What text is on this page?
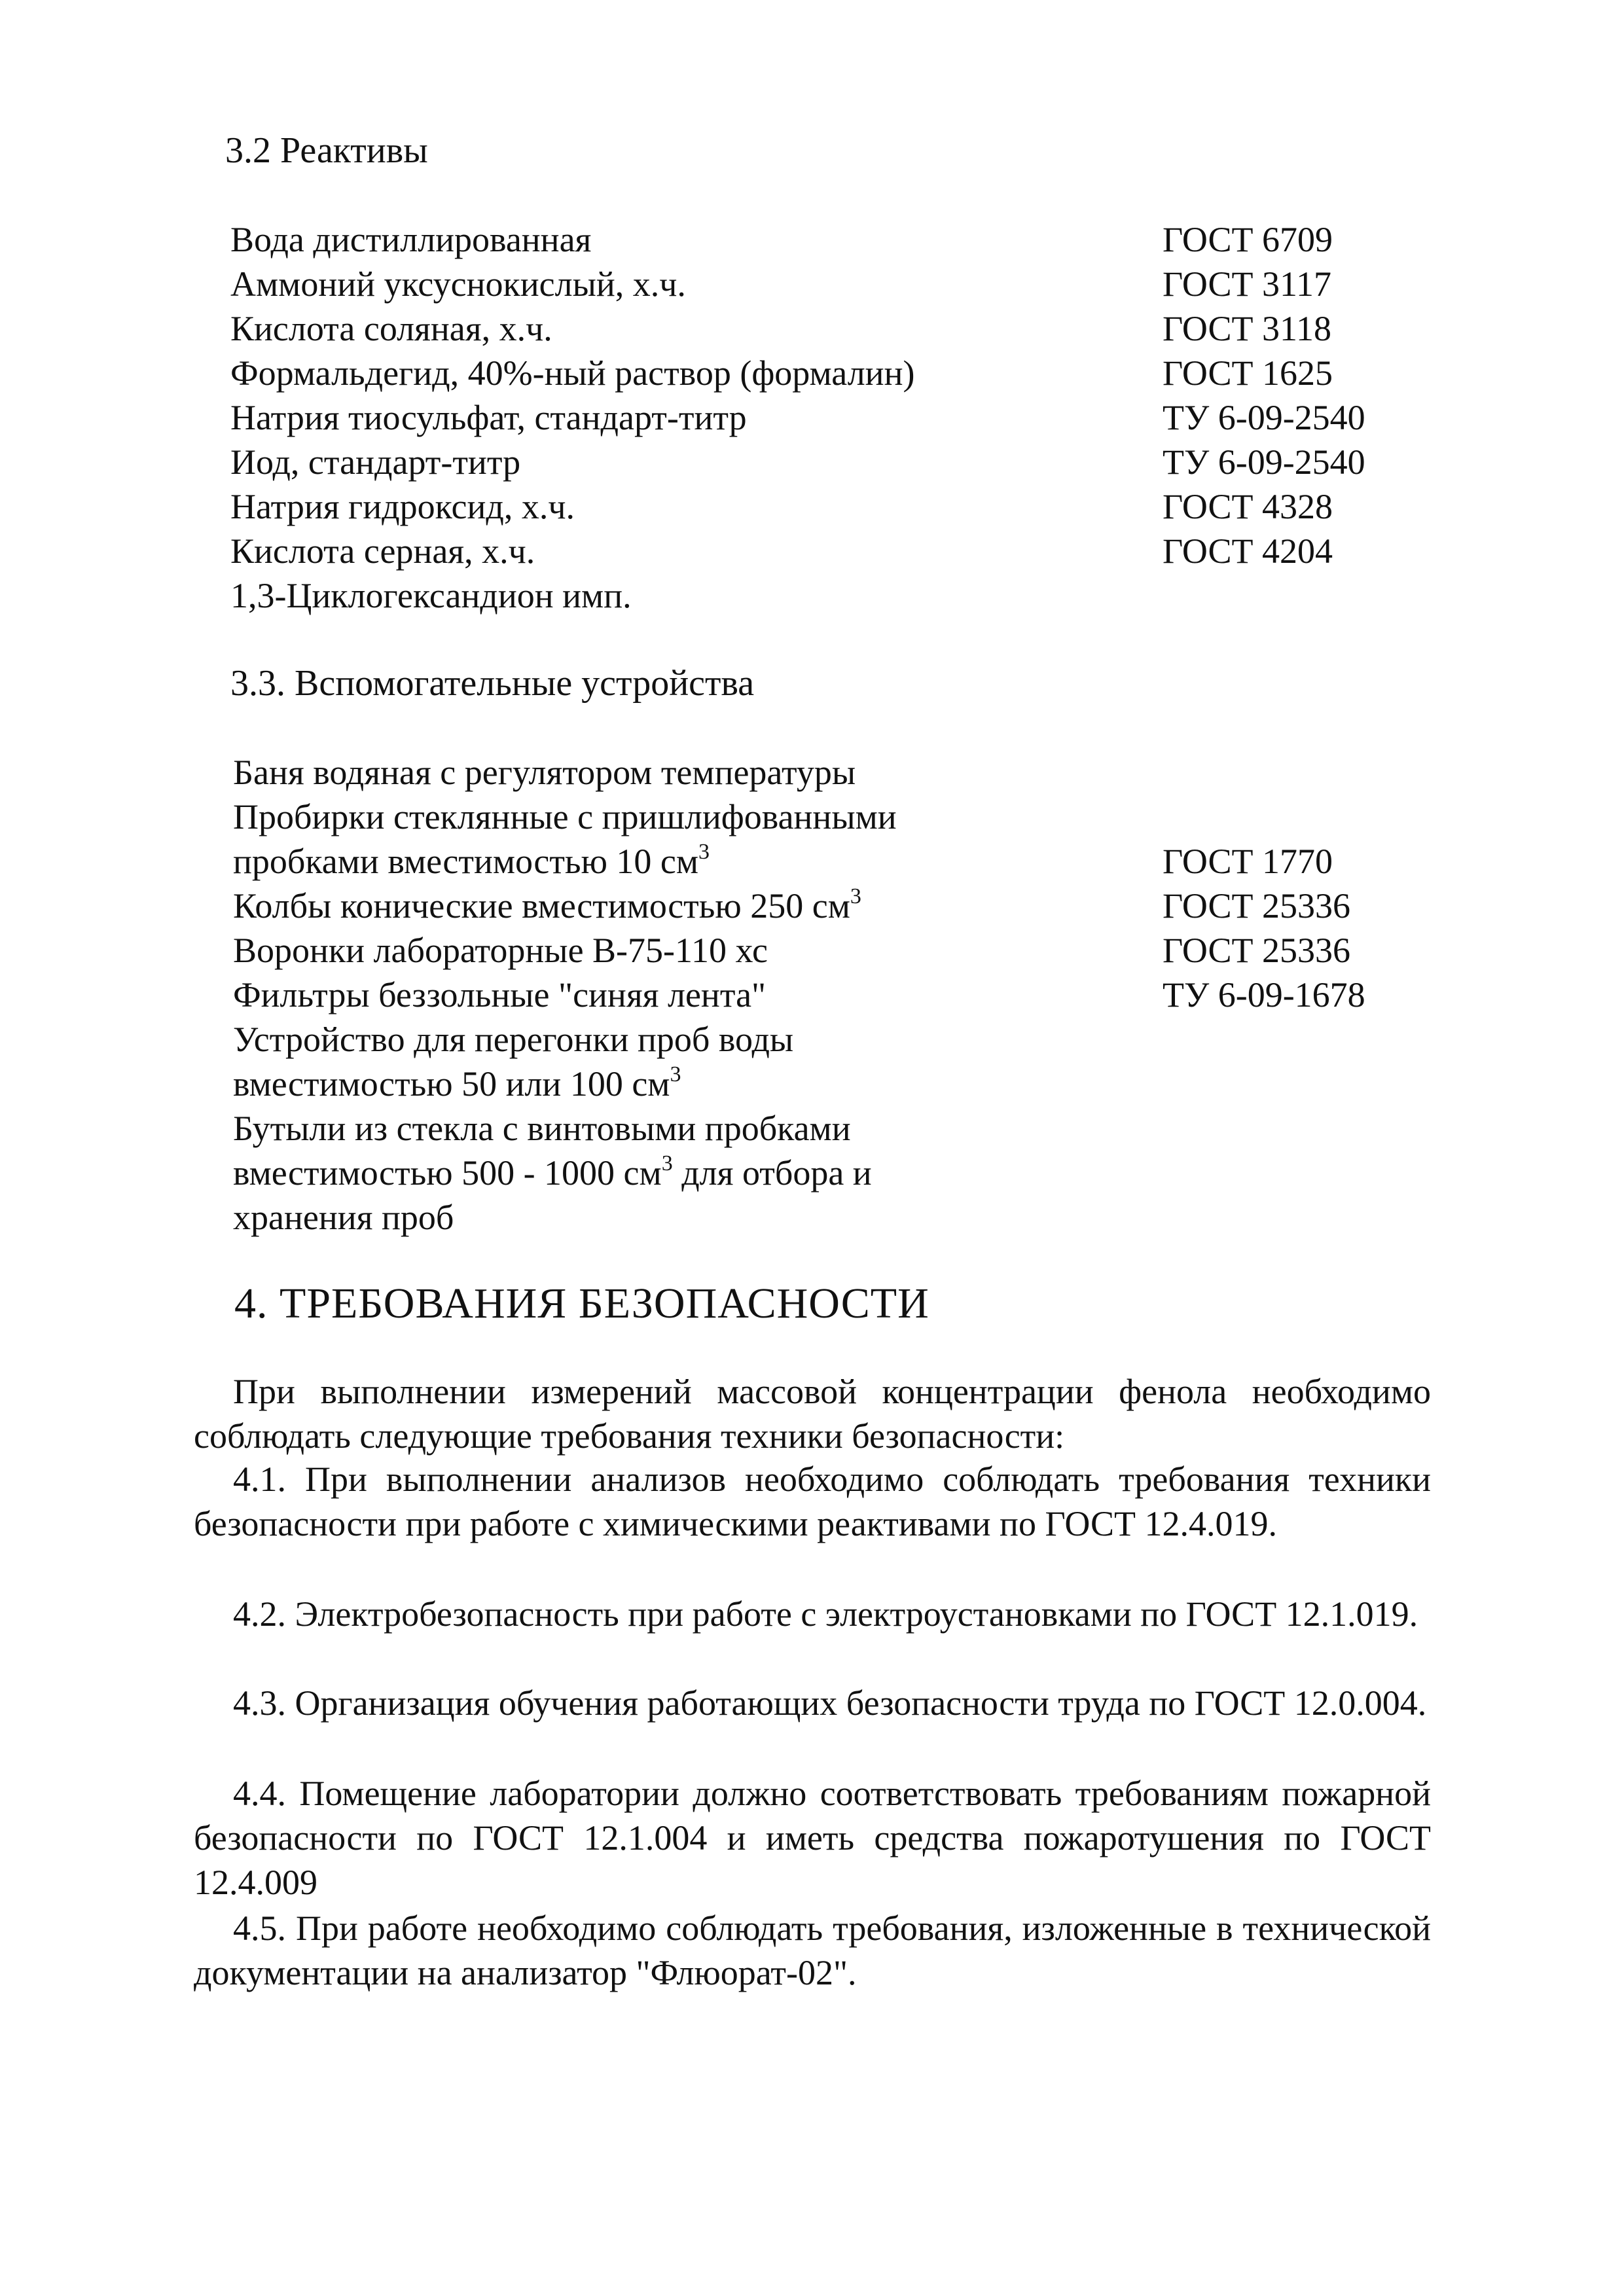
3.2 Реактивы
Вода дистиллированная	ГОСТ 6709
Аммоний уксуснокислый, х.ч.	ГОСТ 3117
Кислота соляная, х.ч.	ГОСТ 3118
Формальдегид, 40%-ный раствор (формалин)	ГОСТ 1625
Натрия тиосульфат, стандарт-титр	ТУ 6-09-2540
Иод, стандарт-титр	ТУ 6-09-2540
Натрия гидроксид, х.ч.	ГОСТ 4328
Кислота серная, х.ч.	ГОСТ 4204
1,3-Циклогександион имп.
3.3. Вспомогательные устройства
Баня водяная с регулятором температуры
Пробирки стеклянные с пришлифованными
пробками вместимостью 10 $см^3$	ГОСТ 1770
Колбы конические вместимостью 250 $см^3$	ГОСТ 25336
Воронки лабораторные В-75-110 хс	ГОСТ 25336
Фильтры беззольные "синяя лента"	ТУ 6-09-1678
Устройство для перегонки проб воды
вместимостью 50 или 100 $см^3$
Бутыли из стекла с винтовыми пробками
вместимостью 500 - 1000 $см^3$ для отбора и
хранения проб
4. ТРЕБОВАНИЯ БЕЗОПАСНОСТИ
При выполнении измерений массовой концентрации фенола необходимо соблюдать следующие требования техники безопасности:
4.1. При выполнении анализов необходимо соблюдать требования техники безопасности при работе с химическими реактивами по ГОСТ 12.4.019.
4.2. Электробезопасность при работе с электроустановками по ГОСТ 12.1.019.
4.3. Организация обучения работающих безопасности труда по ГОСТ 12.0.004.
4.4. Помещение лаборатории должно соответствовать требованиям пожарной безопасности по ГОСТ 12.1.004 и иметь средства пожаротушения по ГОСТ 12.4.009
4.5. При работе необходимо соблюдать требования, изложенные в технической документации на анализатор "Флюорат-02".
